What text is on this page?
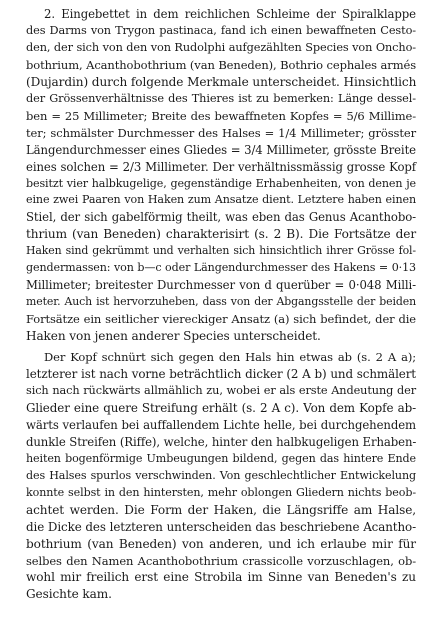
2. Eingebettet in dem reichlichen Schleime der Spiralklappe
des Darms von Trygon pastinaca, fand ich einen bewaffneten Cesto-
den, der sich von den von Rudolphi aufgezählten Species von Oncho-
bothrium, Acanthobothrium (van Beneden), Bothrio cephales armés
(Dujardin) durch folgende Merkmale unterscheidet. Hinsichtlich
der Grössenverhältnisse des Thieres ist zu bemerken: Länge dessel-
ben = 25 Millimeter; Breite des bewaffneten Kopfes = 5/6 Millime-
ter; schmälster Durchmesser des Halses = 1/4 Millimeter; grösster
Längendurchmesser eines Gliedes = 3/4 Millimeter, grösste Breite
eines solchen = 2/3 Millimeter. Der verhältnissmässig grosse Kopf
besitzt vier halbkugelige, gegenständige Erhabenheiten, von denen je
eine zwei Paaren von Haken zum Ansatze dient. Letztere haben einen
Stiel, der sich gabelförmig theilt, was eben das Genus Acanthobo-
thrium (van Beneden) charakterisirt (s. 2 B). Die Fortsätze der
Haken sind gekrümmt und verhalten sich hinsichtlich ihrer Grösse fol-
gendermassen: von b—c oder Längendurchmesser des Hakens = 0·13
Millimeter; breitester Durchmesser von d querüber = 0·048 Milli-
meter. Auch ist hervorzuheben, dass von der Abgangsstelle der beiden
Fortsätze ein seitlicher viereckiger Ansatz (a) sich befindet, der die
Haken von jenen anderer Species unterscheidet.
Der Kopf schnürt sich gegen den Hals hin etwas ab (s. 2 A a);
letzterer ist nach vorne beträchtlich dicker (2 A b) und schmälert
sich nach rückwärts allmählich zu, wobei er als erste Andeutung der
Glieder eine quere Streifung erhält (s. 2 A c). Von dem Kopfe ab-
wärts verlaufen bei auffallendem Lichte helle, bei durchgehendem
dunkle Streifen (Riffe), welche, hinter den halbkugeligen Erhaben-
heiten bogenförmige Umbeugungen bildend, gegen das hintere Ende
des Halses spurlos verschwinden. Von geschlechtlicher Entwickelung
konnte selbst in den hintersten, mehr oblongen Gliedern nichts beob-
achtet werden. Die Form der Haken, die Längsriffe am Halse,
die Dicke des letzteren unterscheiden das beschriebene Acantho-
bothrium (van Beneden) von anderen, und ich erlaube mir für
selbes den Namen Acanthobothrium crassicolle vorzuschlagen, ob-
wohl mir freilich erst eine Strobila im Sinne van Beneden's zu
Gesichte kam.
